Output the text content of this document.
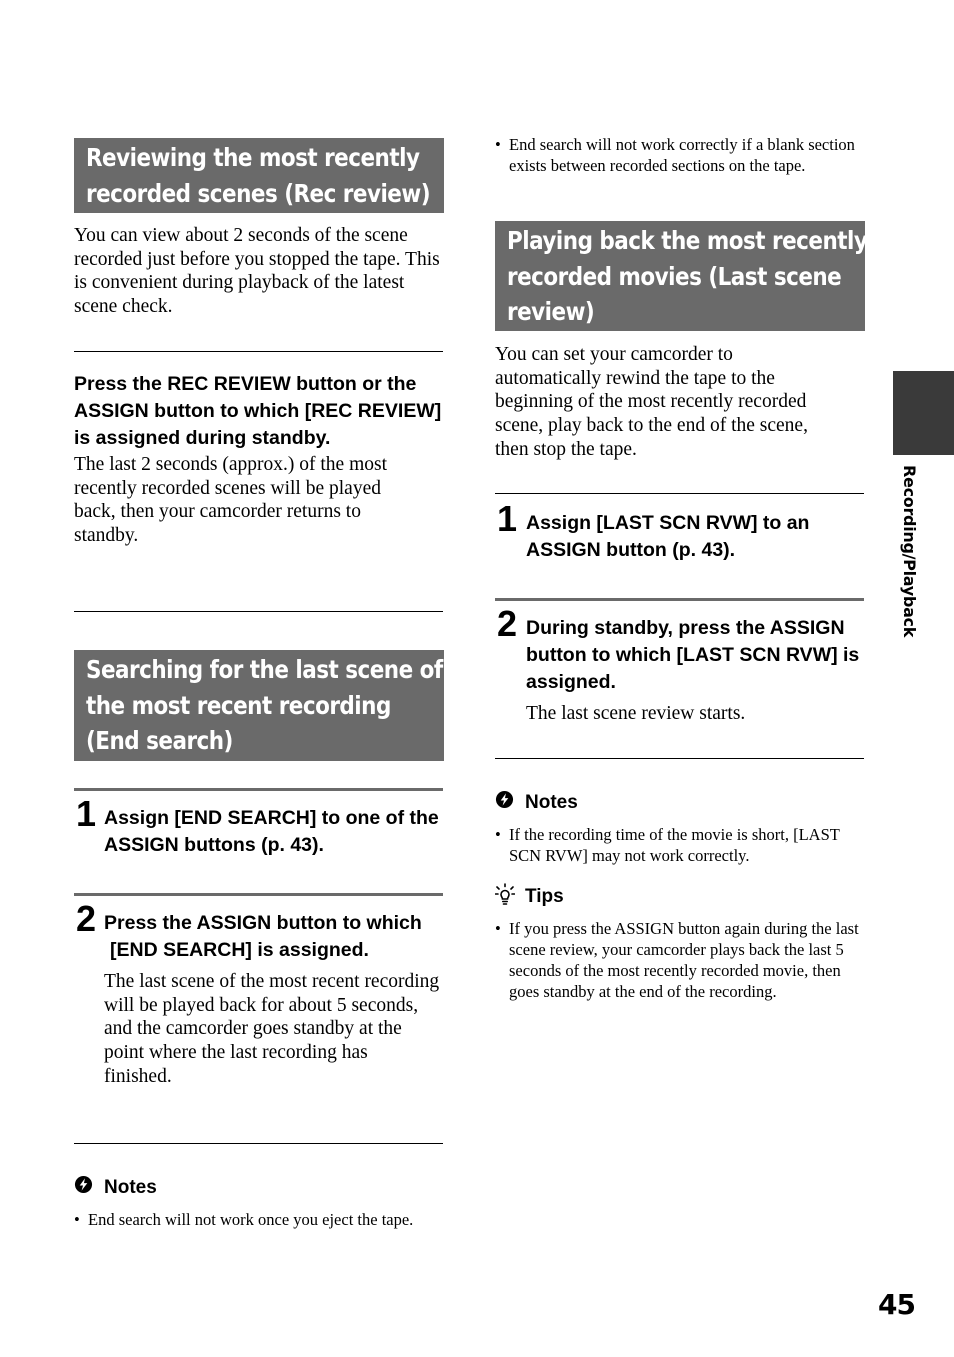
Reviewing the most recently
recorded scenes (Rec review)

You can view about 2 seconds of the scene recorded just before you stopped the tape. This is convenient during playback of the latest scene check.

Press the REC REVIEW button or the ASSIGN button to which [REC REVIEW] is assigned during standby.

The last 2 seconds (approx.) of the most recently recorded scenes will be played back, then your camcorder returns to standby.

Searching for the last scene of
the most recent recording
(End search)
1 Assign [END SEARCH] to one of the ASSIGN buttons (p. 43).

2 Press the ASSIGN button to which [END SEARCH] is assigned.

The last scene of the most recent recording will be played back for about 5 seconds, and the camcorder goes standby at the point where the last recording has finished.

Notes

• End search will not work once you eject the tape.

• End search will not work correctly if a blank section exists between recorded sections on the tape.

Playing back the most recently
recorded movies (Last scene
review)

You can set your camcorder to automatically rewind the tape to the beginning of the most recently recorded scene, play back to the end of the scene, then stop the tape.

1 Assign [LAST SCN RVW] to an ASSIGN button (p. 43).

2 During standby, press the ASSIGN button to which [LAST SCN RVW] is assigned.

The last scene review starts.

Notes

• If the recording time of the movie is short, [LAST SCN RVW] may not work correctly.

Tips

• If you press the ASSIGN button again during the last scene review, your camcorder plays back the last 5 seconds of the most recently recorded movie, then goes standby at the end of the recording.

Recording/Playback
45
